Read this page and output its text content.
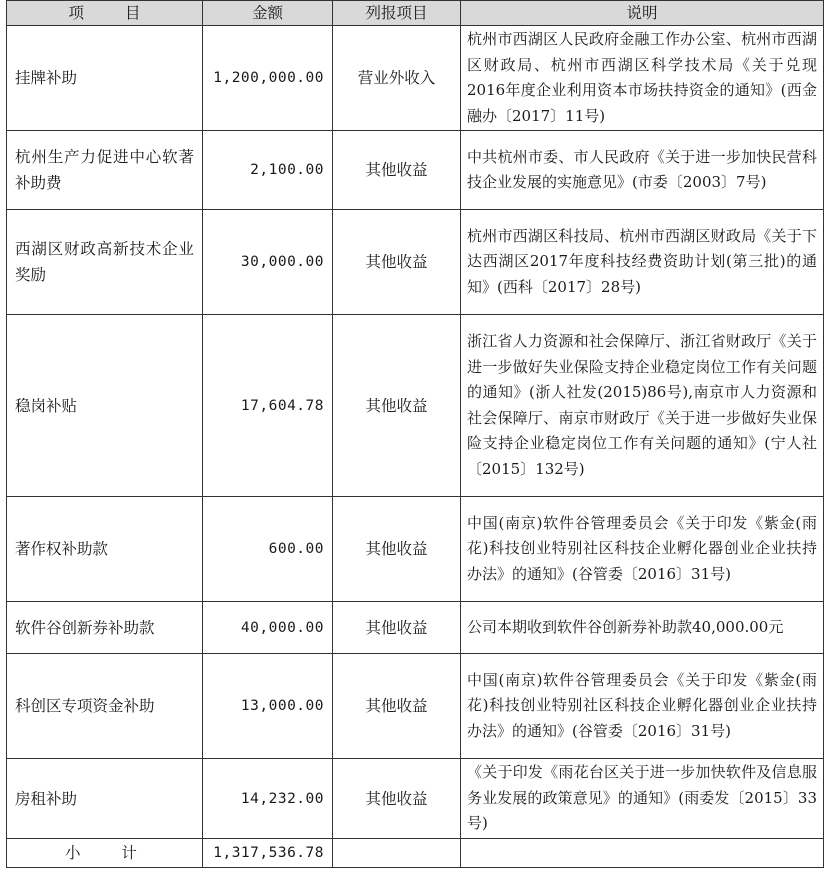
项 目	金额	列报项目	说明
挂牌补助	1,200,000.00	营业外收入	杭州市西湖区人民政府金融工作办公室、杭州市西湖区财政局、杭州市西湖区科学技术局《关于兑现2016年度企业利用资本市场扶持资金的通知》(西金融办〔2017〕11号)
杭州生产力促进中心软著补助费	2,100.00	其他收益	中共杭州市委、市人民政府《关于进一步加快民营科技企业发展的实施意见》(市委〔2003〕7号)
西湖区财政高新技术企业奖励	30,000.00	其他收益	杭州市西湖区科技局、杭州市西湖区财政局《关于下达西湖区2017年度科技经费资助计划(第三批)的通知》(西科〔2017〕28号)
稳岗补贴	17,604.78	其他收益	浙江省人力资源和社会保障厅、浙江省财政厅《关于进一步做好失业保险支持企业稳定岗位工作有关问题的通知》(浙人社发(2015)86号),南京市人力资源和社会保障厅、南京市财政厅《关于进一步做好失业保险支持企业稳定岗位工作有关问题的通知》(宁人社〔2015〕132号)
著作权补助款	600.00	其他收益	中国(南京)软件谷管理委员会《关于印发《紫金(雨花)科技创业特别社区科技企业孵化器创业企业扶持办法》的通知》(谷管委〔2016〕31号)
软件谷创新券补助款	40,000.00	其他收益	公司本期收到软件谷创新券补助款40,000.00元
科创区专项资金补助	13,000.00	其他收益	中国(南京)软件谷管理委员会《关于印发《紫金(雨花)科技创业特别社区科技企业孵化器创业企业扶持办法》的通知》(谷管委〔2016〕31号)
房租补助	14,232.00	其他收益	《关于印发《雨花台区关于进一步加快软件及信息服务业发展的政策意见》的通知》(雨委发〔2015〕33号)
小 计	1,317,536.78		
